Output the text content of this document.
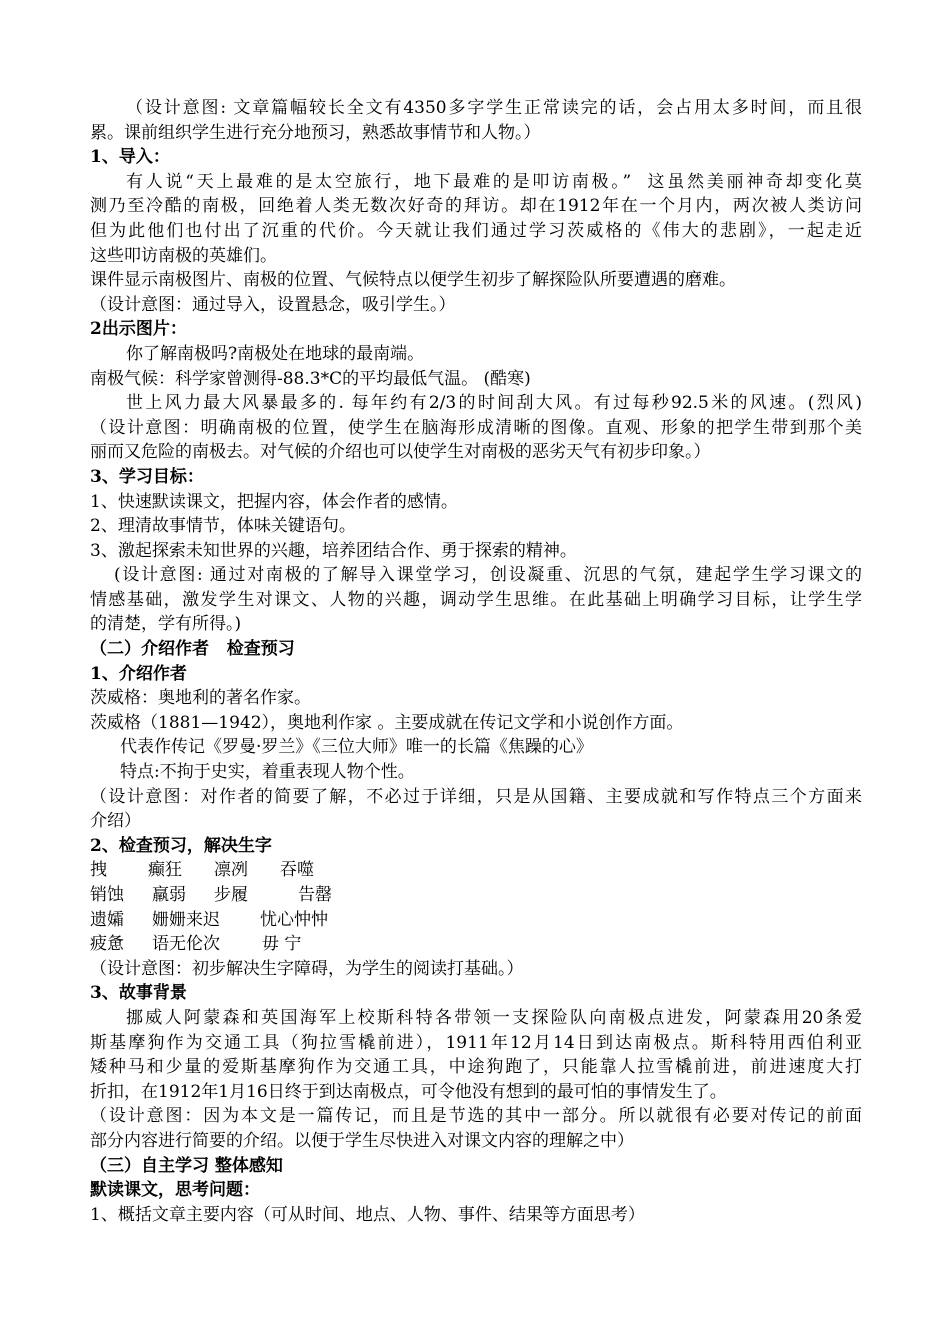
（设计意图: 文章篇幅较长全文有4350多字学生正常读完的话，会占用太多时间，而且很
累。课前组织学生进行充分地预习，熟悉故事情节和人物。）
1、导入：
有人说“天上最难的是太空旅行，地下最难的是叩访南极。”  这虽然美丽神奇却变化莫
测乃至冷酷的南极，回绝着人类无数次好奇的拜访。却在1912年在一个月内，两次被人类访问
但为此他们也付出了沉重的代价。今天就让我们通过学习茨威格的《伟大的悲剧》，一起走近
这些叩访南极的英雄们。
课件显示南极图片、南极的位置、气候特点以便学生初步了解探险队所要遭遇的磨难。
（设计意图：通过导入，设置悬念，吸引学生。）
2出示图片：
你了解南极吗?南极处在地球的最南端。
南极气候：科学家曾测得-88.3*C的平均最低气温。 (酷寒)
世上风力最大风暴最多的. 每年约有2/3的时间刮大风。有过每秒92.5米的风速。(烈风)
（设计意图：明确南极的位置，使学生在脑海形成清晰的图像。直观、形象的把学生带到那个美
丽而又危险的南极去。对气候的介绍也可以使学生对南极的恶劣天气有初步印象。）
3、学习目标：
1、快速默读课文，把握内容，体会作者的感情。
2、理清故事情节，体味关键语句。
3、激起探索未知世界的兴趣，培养团结合作、勇于探索的精神。
(设计意图: 通过对南极的了解导入课堂学习，创设凝重、沉思的气氛，建起学生学习课文的
情感基础，激发学生对课文、人物的兴趣，调动学生思维。在此基础上明确学习目标，让学生学
的清楚，学有所得。)
（二）介绍作者   检查预习
1、介绍作者
茨威格：奥地利的著名作家。
茨威格（1881—1942），奥地利作家 。主要成就在传记文学和小说创作方面。
代表作传记《罗曼·罗兰》《三位大师》唯一的长篇《焦躁的心》
特点:不拘于史实，着重表现人物个性。
（设计意图：对作者的简要了解，不必过于详细，只是从国籍、主要成就和写作特点三个方面来
介绍）
2、检查预习，解决生字
拽	癫狂	凛冽	吞噬
销蚀	羸弱	步履	告罄
遗孀	姗姗来迟	忧心忡忡
疲惫	语无伦次	毋 宁
（设计意图：初步解决生字障碍，为学生的阅读打基础。）
3、故事背景
挪威人阿蒙森和英国海军上校斯科特各带领一支探险队向南极点进发，阿蒙森用20条爱
斯基摩狗作为交通工具（狗拉雪橇前进），1911年12月14日到达南极点。斯科特用西伯利亚
矮种马和少量的爱斯基摩狗作为交通工具，中途狗跑了，只能靠人拉雪橇前进，前进速度大打
折扣，在1912年1月16日终于到达南极点，可令他没有想到的最可怕的事情发生了。
（设计意图：因为本文是一篇传记，而且是节选的其中一部分。所以就很有必要对传记的前面
部分内容进行简要的介绍。以便于学生尽快进入对课文内容的理解之中）
（三）自主学习 整体感知
默读课文，思考问题：
1、概括文章主要内容（可从时间、地点、人物、事件、结果等方面思考）
